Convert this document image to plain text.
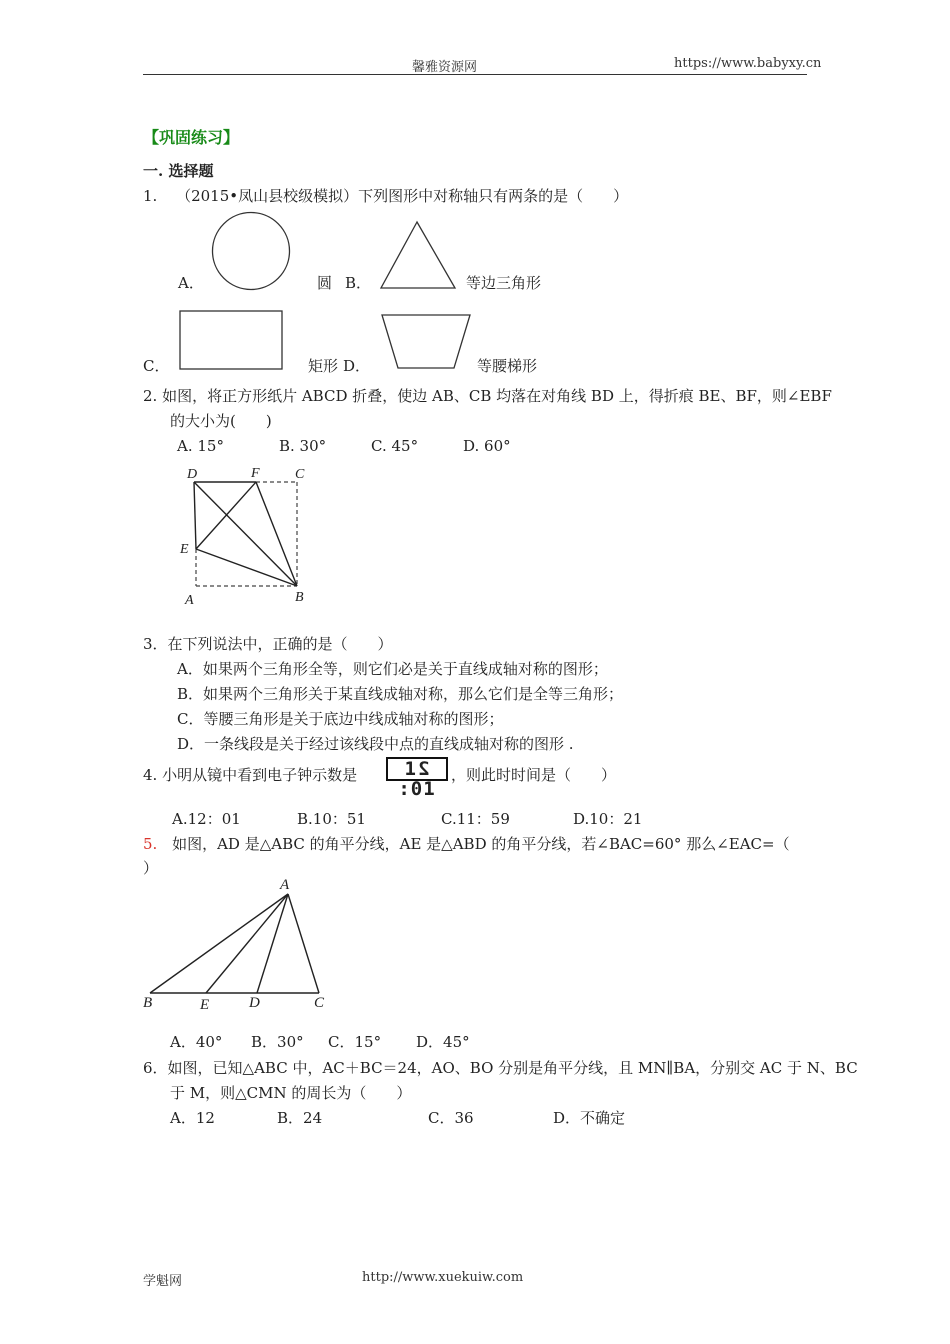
馨雅资源网	https://www.babyxy.cn
【巩固练习】
一. 选择题
1. （2015•凤山县校级模拟）下列图形中对称轴只有两条的是（　　）
A．	圆 B．	等边三角形
C．	矩形 D．	等腰梯形
2. 如图，将正方形纸片 ABCD 折叠，使边 AB、CB 均落在对角线 BD 上，得折痕 BE、BF，则∠EBF
的大小为(　　)
A. 15°	B. 30°	C. 45°	D. 60°
D	F	C
E
A	B
3．在下列说法中，正确的是（　　）
A．如果两个三角形全等，则它们必是关于直线成轴对称的图形；
B．如果两个三角形关于某直线成轴对称，那么它们是全等三角形；
C．等腰三角形是关于底边中线成轴对称的图形；
D．一条线段是关于经过该线段中点的直线成轴对称的图形 .
4. 小明从镜中看到电子钟示数是	12:01
，则此时时间是（　　）
A.12：01	B.10：51	C.11：59	D.10：21
5. 如图，AD 是△ABC 的角平分线，AE 是△ABD 的角平分线，若∠BAC=60° 那么∠EAC=（
）
A
B	E	D	C
A．40° B．30° C．15° D．45°
6．如图，已知△ABC 中，AC＋BC＝24，AO、BO 分别是角平分线，且 MN∥BA，分别交 AC 于 N、BC
于 M，则△CMN 的周长为（　　）
A．12	B．24	C．36	D．不确定
学魁网	http://www.xuekuiw.com
